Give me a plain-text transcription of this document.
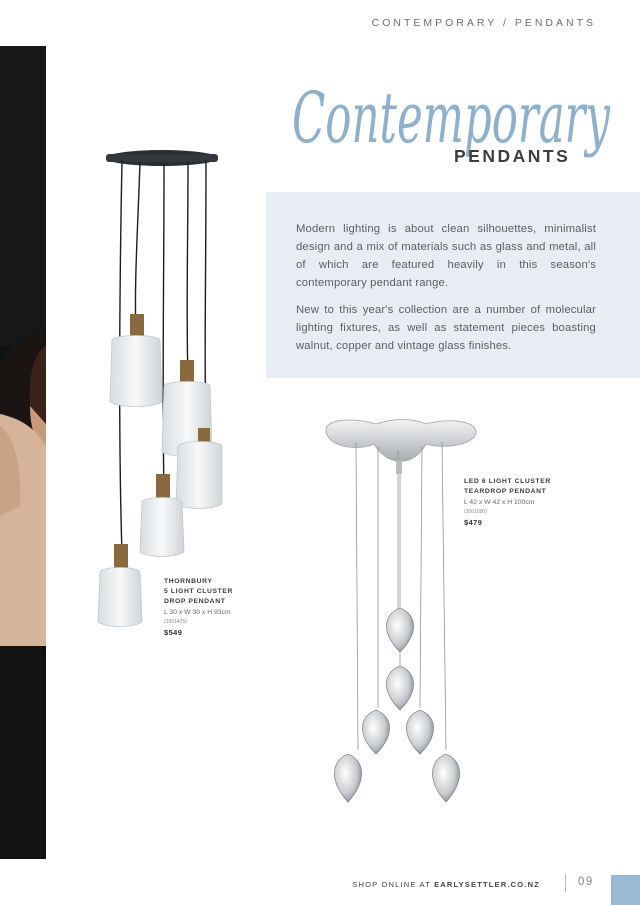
CONTEMPORARY / PENDANTS
Contemporary
PENDANTS

Modern lighting is about clean silhouettes, minimalist design and a mix of materials such as glass and metal, all of which are featured heavily in this season's contemporary pendant range.

New to this year's collection are a number of molecular lighting fixtures, as well as statement pieces boasting walnut, copper and vintage glass finishes.

THORNBURY
5 LIGHT CLUSTER
DROP PENDANT
L 30 x W 30 x H 93cm
(3001475)
$549
LED 6 LIGHT CLUSTER
TEARDROP PENDANT
L 42 x W 42 x H 100cm
(3001090)
$479
SHOP ONLINE AT EARLYSETTLER.CO.NZ	09
